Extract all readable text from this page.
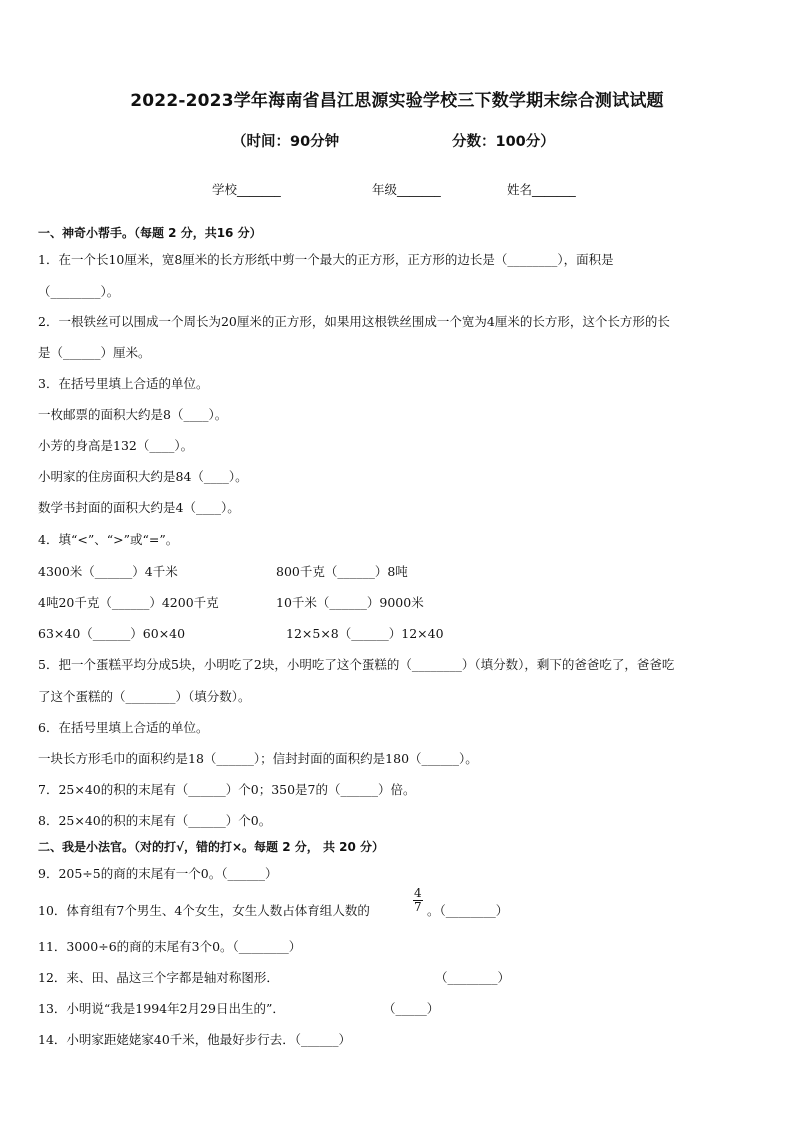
2022-2023学年海南省昌江思源实验学校三下数学期末综合测试试题
（时间：90分钟	分数：100分）
学校_______	年级_______	姓名_______
一、神奇小帮手。（每题 2 分，共16 分）
1．在一个长10厘米，宽8厘米的长方形纸中剪一个最大的正方形，正方形的边长是（________），面积是
（________）。
2．一根铁丝可以围成一个周长为20厘米的正方形，如果用这根铁丝围成一个宽为4厘米的长方形，这个长方形的长
是（______）厘米。
3．在括号里填上合适的单位。
一枚邮票的面积大约是8（____）。
小芳的身高是132（____）。
小明家的住房面积大约是84（____）。
数学书封面的面积大约是4（____）。
4．填“<”、“>”或“=”。
4300米（______）4千米	800千克（______）8吨
4吨20千克（______）4200千克	10千米（______）9000米
63×40（______）60×40	12×5×8（______）12×40
5．把一个蛋糕平均分成5块，小明吃了2块，小明吃了这个蛋糕的（________）（填分数），剩下的爸爸吃了，爸爸吃
了这个蛋糕的（________）（填分数）。
6．在括号里填上合适的单位。
一块长方形毛巾的面积约是18（______）；信封封面的面积约是180（______）。
7．25×40的积的末尾有（______）个0；350是7的（______）倍。
8．25×40的积的末尾有（______）个0。
二、我是小法官。（对的打√，错的打×。每题 2 分， 共 20 分）
9．205÷5的商的末尾有一个0。（______）
10．体育组有7个男生、4个女生，女生人数占体育组人数的	$\frac{4}{7}$ 。（________）
11．3000÷6的商的末尾有3个0。（________）
12．来、田、晶这三个字都是轴对称图形．	（________）
13．小明说“我是1994年2月29日出生的”．	（_____）
14．小明家距姥姥家40千米，他最好步行去．（______）
